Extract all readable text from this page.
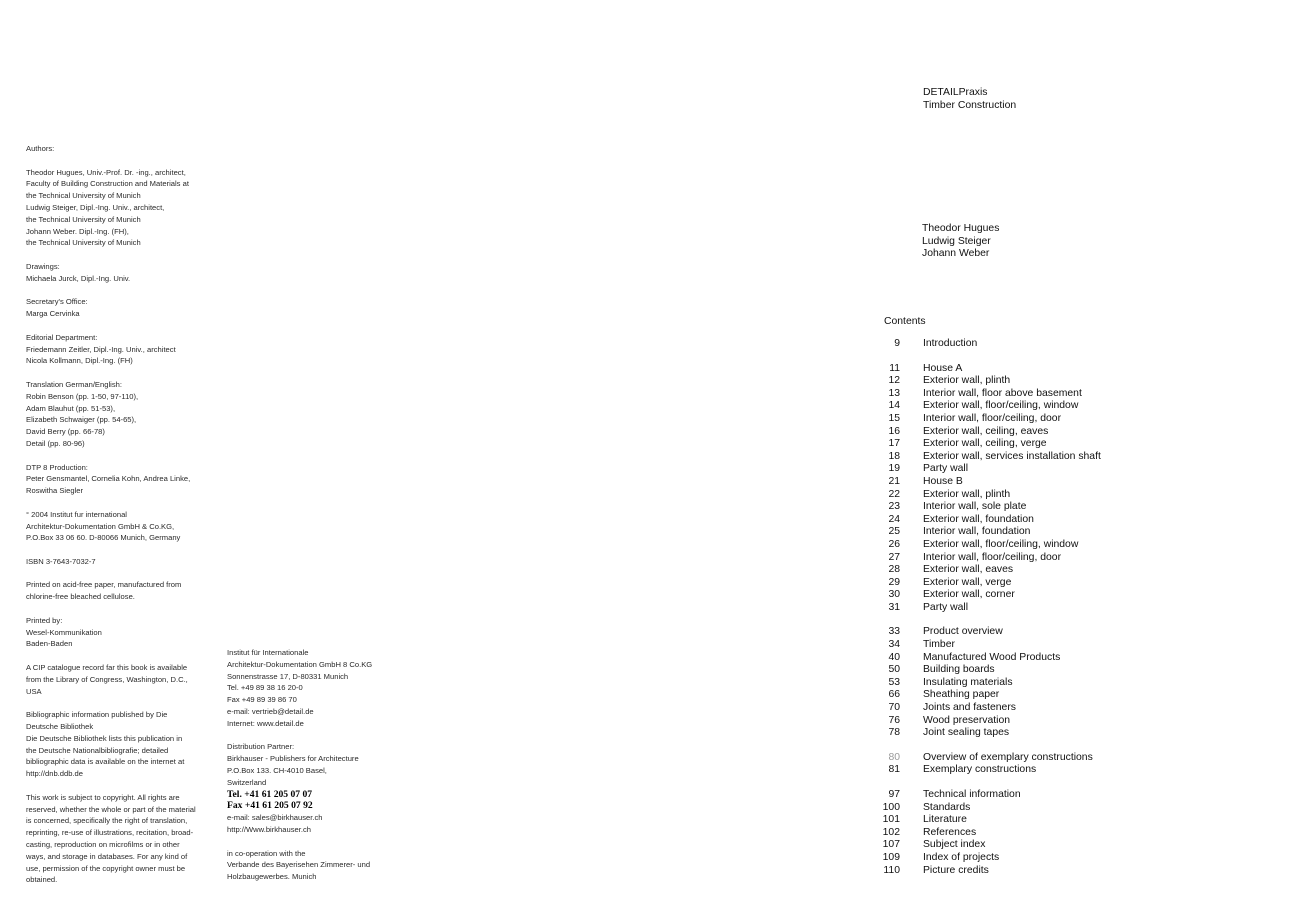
Authors:
Theodor Hugues, Univ.-Prof. Dr. -ing., architect,
Faculty of Building Construction and Materials at
the Technical University of Munich
Ludwig Steiger, Dipl.-Ing. Univ., architect,
the Technical University of Munich
Johann Weber. Dipl.-Ing. (FH),
the Technical University of Munich
Drawings:
Michaela Jurck, Dipl.-Ing. Univ.
Secretary's Office:
Marga Cervinka
Editorial Department:
Friedemann Zeitler, Dipl.-Ing. Univ., architect
Nicola Kollmann, Dipl.-Ing. (FH)
Translation German/English:
Robin Benson (pp. 1-50, 97-110),
Adam Blauhut (pp. 51-53),
Elizabeth Schwaiger (pp. 54-65),
David Berry (pp. 66-78)
Detail (pp. 80-96)
DTP 8 Production:
Peter Gensmantel, Cornelia Kohn, Andrea Linke,
Roswitha Siegler
° 2004 Institut fur international
Architektur-Dokumentation GmbH & Co.KG,
P.O.Box 33 06 60. D-80066 Munich, Germany
ISBN 3-7643-7032-7
Printed on acid-free paper, manufactured from
chlorine-free bleached cellulose.
Printed by:
Wesel-Kommunikation
Baden-Baden
A CIP catalogue record far this book is available
from the Library of Congress, Washington, D.C.,
USA
Bibliographic information published by Die
Deutsche Bibliothek
Die Deutsche Bibliothek lists this publication in
the Deutsche Nationalbibliografie; detailed
bibliographic data is available on the internet at
http://dnb.ddb.de
This work is subject to copyright. All rights are
reserved, whether the whole or part of the material
is concerned, specifically the right of translation,
reprinting, re-use of illustrations, recitation, broad-
casting, reproduction on microfilms or in other
ways, and storage in databases. For any kind of
use, permission of the copyright owner must be
obtained.
Institut für Internationale
Architektur-Dokumentation GmbH 8 Co.KG
Sonnenstrasse 17, D-80331 Munich
Tel. +49 89 38 16 20-0
Fax +49 89 39 86 70
e-mail: vertrieb@detail.de
Internet: www.detail.de
Distribution Partner:
Birkhauser - Publishers for Architecture
P.O.Box 133. CH-4010 Basel,
Switzerland
Tel. +41 61 205 07 07
Fax +41 61 205 07 92
e-mail: sales@birkhauser.ch
http://Www.birkhauser.ch
in co-operation with the
Verbande des Bayerisehen Zimmerer- und
Holzbaugewerbes. Munich
DETAILPraxis
Timber Construction
Theodor Hugues
Ludwig Steiger
Johann Weber
Contents
9 Introduction
11 House A
12 Exterior wall, plinth
13 Interior wall, floor above basement
14 Exterior wall, floor/ceiling, window
15 Interior wall, floor/ceiling, door
16 Exterior wall, ceiling, eaves
17 Exterior wall, ceiling, verge
18 Exterior wall, services installation shaft
19 Party wall
21 House B
22 Exterior wall, plinth
23 Interior wall, sole plate
24 Exterior wall, foundation
25 Interior wall, foundation
26 Exterior wall, floor/ceiling, window
27 Interior wall, floor/ceiling, door
28 Exterior wall, eaves
29 Exterior wall, verge
30 Exterior wall, corner
31 Party wall
33 Product overview
34 Timber
40 Manufactured Wood Products
50 Building boards
53 Insulating materials
66 Sheathing paper
70 Joints and fasteners
76 Wood preservation
78 Joint sealing tapes
80 Overview of exemplary constructions
81 Exemplary constructions
97 Technical information
100 Standards
101 Literature
102 References
107 Subject index
109 Index of projects
110 Picture credits
